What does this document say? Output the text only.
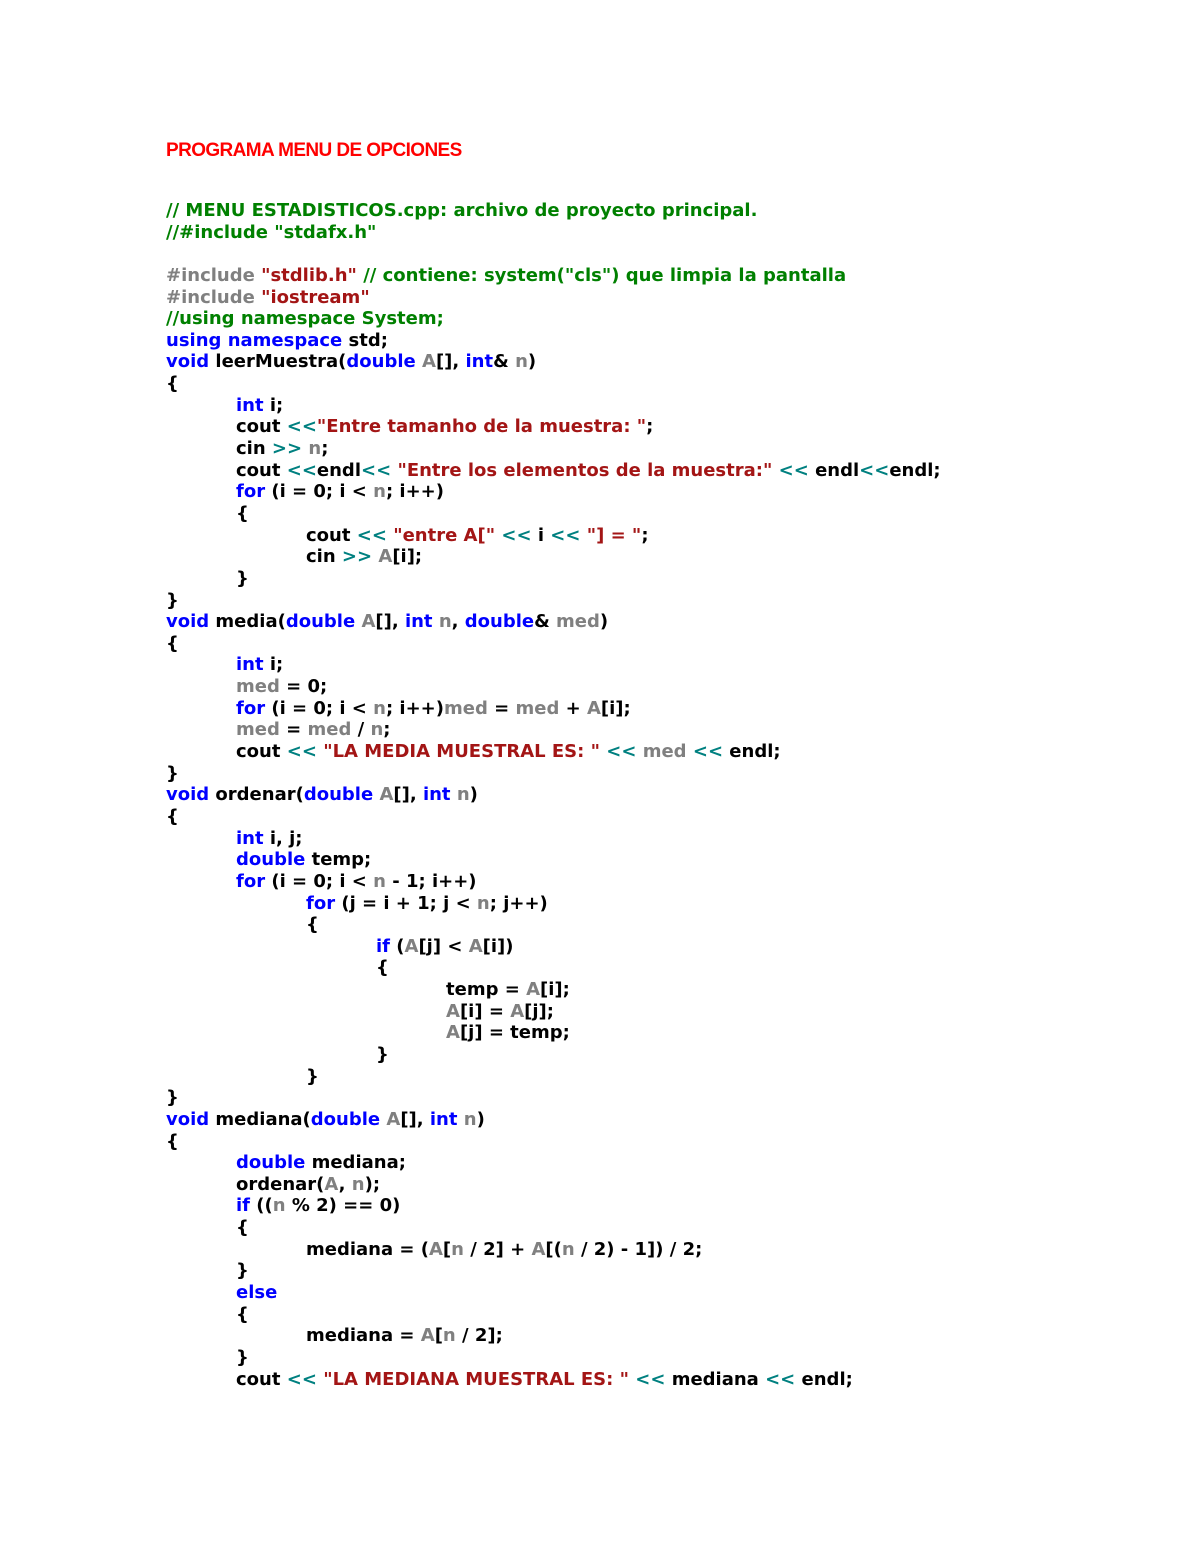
PROGRAMA MENU DE OPCIONES
// MENU ESTADISTICOS.cpp: archivo de proyecto principal.
//#include "stdafx.h"
#include "stdlib.h" // contiene: system("cls") que limpia la pantalla
#include "iostream"
//using namespace System;
using namespace std;
void leerMuestra(double A[], int& n)
{
int i;
cout <<"Entre tamanho de la muestra: ";
cin >> n;
cout <<endl<< "Entre los elementos de la muestra:" << endl<<endl;
for (i = 0; i < n; i++)
{
cout << "entre A[" << i << "] = ";
cin >> A[i];
}
}
void media(double A[], int n, double& med)
{
int i;
med = 0;
for (i = 0; i < n; i++)med = med + A[i];
med = med / n;
cout << "LA MEDIA MUESTRAL ES: " << med << endl;
}
void ordenar(double A[], int n)
{
int i, j;
double temp;
for (i = 0; i < n - 1; i++)
for (j = i + 1; j < n; j++)
{
if (A[j] < A[i])
{
temp = A[i];
A[i] = A[j];
A[j] = temp;
}
}
}
void mediana(double A[], int n)
{
double mediana;
ordenar(A, n);
if ((n % 2) == 0)
{
mediana = (A[n / 2] + A[(n / 2) - 1]) / 2;
}
else
{
mediana = A[n / 2];
}
cout << "LA MEDIANA MUESTRAL ES: " << mediana << endl;
